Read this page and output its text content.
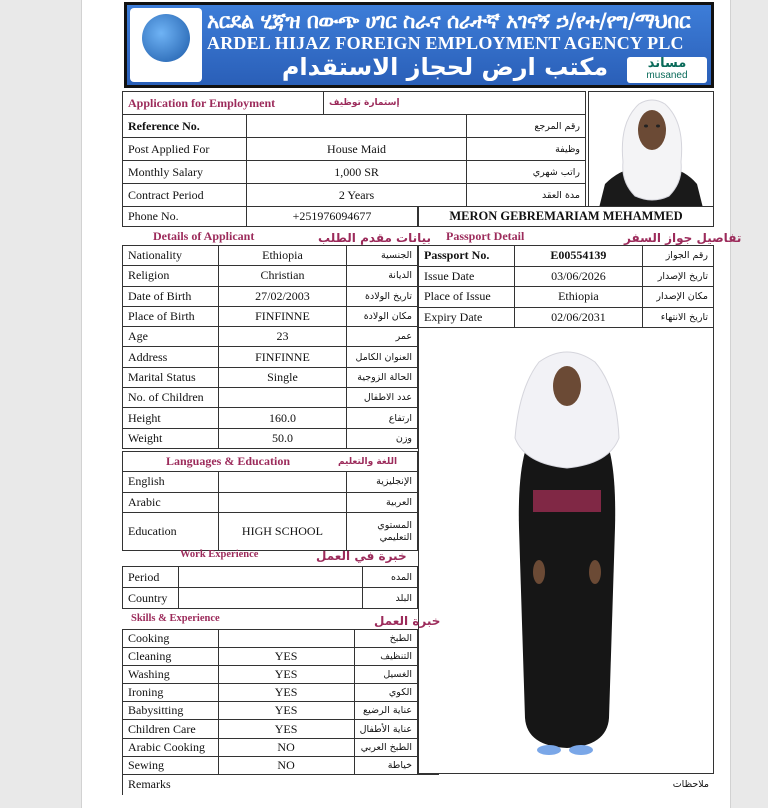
አርደል ሂጃዝ በውጭ ሀገር ስራና ሰራተኛ አገናኝ ኃ/የተ/የግ/ማህበር
ARDEL HIJAZ FOREIGN EMPLOYMENT AGENCY PLC
مكتب ارض لحجاز الاستقدام	مساند
musaned
Application for Employment	إستمارة توظيف
Reference No.		رقم المرجع
Post Applied For	House Maid	وظيفة
Monthly Salary	1,000 SR	راتب شهري
Contract Period	2 Years	مدة العقد
Phone No.	+251976094677	MERON GEBREMARIAM MEHAMMED
Details of Applicant	بيانات مقدم الطلب
Nationality	Ethiopia	الجنسية
Religion	Christian	الديانة
Date of Birth	27/02/2003	تاريخ الولادة
Place of Birth	FINFINNE	مكان الولادة
Age	23	عمر
Address	FINFINNE	العنوان الكامل
Marital Status	Single	الحالة الزوجية
No. of Children		عدد الاطفال
Height	160.0	ارتفاع
Weight	50.0	وزن
Passport Detail	تفاصيل جواز السفر
Passport No.	E00554139	رقم الجواز
Issue Date	03/06/2026	تاريخ الإصدار
Place of Issue	Ethiopia	مكان الإصدار
Expiry Date	02/06/2031	تاريخ الانتهاء
Languages & Education	اللغة والتعليم
English		الإنجليزية
Arabic		العربية
Education	HIGH SCHOOL	المستوي التعليمي
Work Experience	خبرة في العمل
Period		المده
Country		البلد
Skills & Experience	خبرة العمل
Cooking		الطبخ
Cleaning	YES	التنظيف
Washing	YES	الغسيل
Ironing	YES	الكوي
Babysitting	YES	عناية الرضيع
Children Care	YES	عناية الأطفال
Arabic Cooking	NO	الطبخ العربي
Sewing	NO	خياطة
Remarks	ملاحظات
